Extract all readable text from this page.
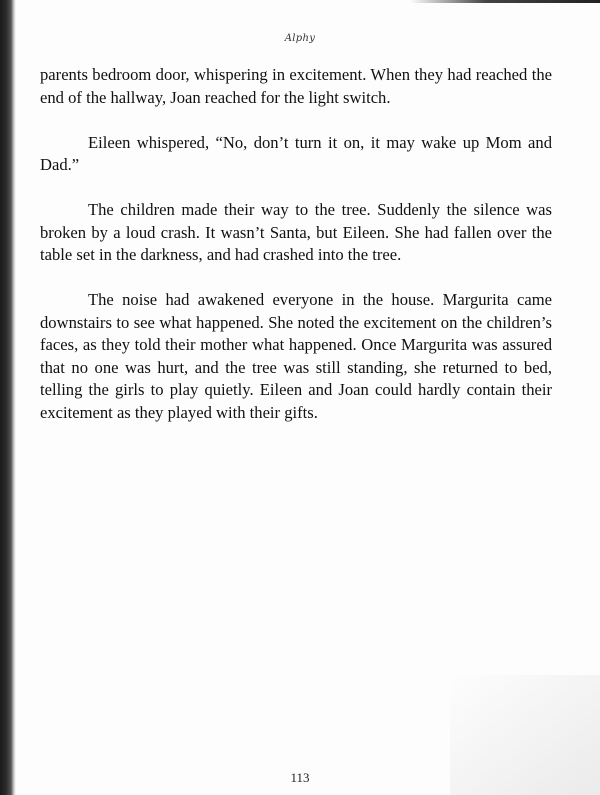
Alphy

parents bedroom door, whispering in excitement. When they had reached the end of the hallway, Joan reached for the light switch.

Eileen whispered, “No, don’t turn it on, it may wake up Mom and Dad.”

The children made their way to the tree. Suddenly the silence was broken by a loud crash. It wasn’t Santa, but Eileen. She had fallen over the table set in the darkness, and had crashed into the tree.

The noise had awakened everyone in the house. Margurita came downstairs to see what happened. She noted the excitement on the children’s faces, as they told their mother what happened. Once Margurita was assured that no one was hurt, and the tree was still standing, she returned to bed, telling the girls to play quietly. Eileen and Joan could hardly contain their excitement as they played with their gifts.

113
